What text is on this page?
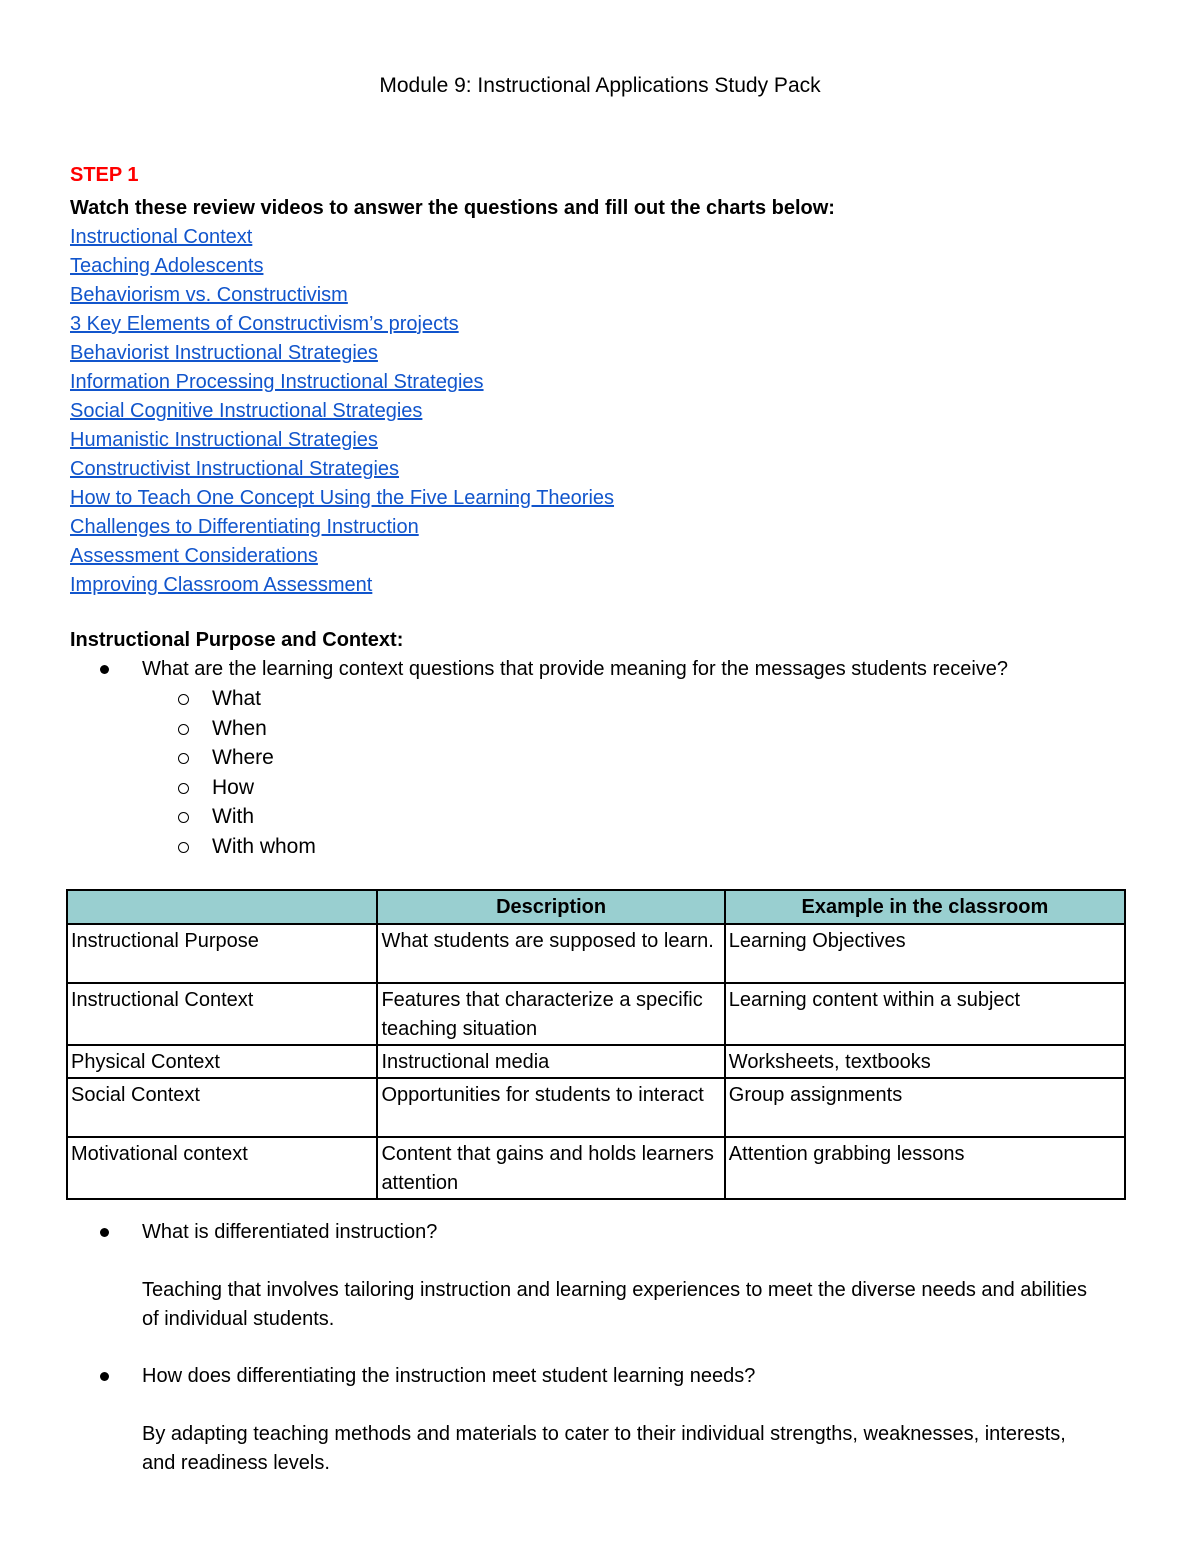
Module 9: Instructional Applications Study Pack
STEP 1
Watch these review videos to answer the questions and fill out the charts below:
Instructional Context
Teaching Adolescents
Behaviorism vs. Constructivism
3 Key Elements of Constructivism’s projects
Behaviorist Instructional Strategies
Information Processing Instructional Strategies
Social Cognitive Instructional Strategies
Humanistic Instructional Strategies
Constructivist Instructional Strategies
How to Teach One Concept Using the Five Learning Theories
Challenges to Differentiating Instruction
Assessment Considerations
Improving Classroom Assessment
Instructional Purpose and Context:
What are the learning context questions that provide meaning for the messages students receive?
What
When
Where
How
With
With whom
	Description	Example in the classroom
Instructional Purpose	What students are supposed to learn.	Learning Objectives
Instructional Context	Features that characterize a specific teaching situation	Learning content within a subject
Physical Context	Instructional media	Worksheets, textbooks
Social Context	Opportunities for students to interact	Group assignments
Motivational context	Content that gains and holds learners attention	Attention grabbing lessons
What is differentiated instruction?
Teaching that involves tailoring instruction and learning experiences to meet the diverse needs and abilities of individual students.
How does differentiating the instruction meet student learning needs?
By adapting teaching methods and materials to cater to their individual strengths, weaknesses, interests, and readiness levels.
